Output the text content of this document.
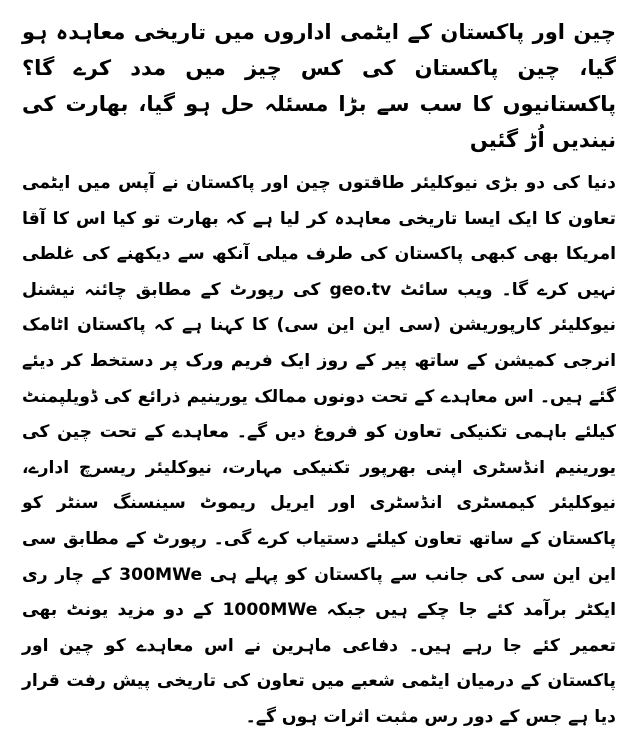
چین اور پاکستان کے ایٹمی اداروں میں تاریخی معاہدہ ہو گیا، چین پاکستان کی کس چیز میں مدد کرے گا؟ پاکستانیوں کا سب سے بڑا مسئلہ حل ہو گیا، بھارت کی نیندیں اُڑ گئیں

دنیا کی دو بڑی نیوکلیئر طاقتوں چین اور پاکستان نے آپس میں ایٹمی تعاون کا ایک ایسا تاریخی معاہدہ کر لیا ہے کہ بھارت تو کیا اس کا آقا امریکا بھی کبھی پاکستان کی طرف میلی آنکھ سے دیکھنے کی غلطی نہیں کرے گا۔ ویب سائٹ geo.tv کی رپورٹ کے مطابق چائنہ نیشنل نیوکلیئر کارپوریشن (سی این این سی) کا کہنا ہے کہ پاکستان اٹامک انرجی کمیشن کے ساتھ پیر کے روز ایک فریم ورک پر دستخط کر دیئے گئے ہیں۔ اس معاہدے کے تحت دونوں ممالک یورینیم ذرائع کی ڈویلپمنٹ کیلئے باہمی تکنیکی تعاون کو فروغ دیں گے۔ معاہدے کے تحت چین کی یورینیم انڈسٹری اپنی بھرپور تکنیکی مہارت، نیوکلیئر ریسرچ ادارے، نیوکلیئر کیمسٹری انڈسٹری اور ایریل ریموٹ سینسنگ سنٹر کو پاکستان کے ساتھ تعاون کیلئے دستیاب کرے گی۔ رپورٹ کے مطابق سی این این سی کی جانب سے پاکستان کو پہلے ہی 300MWe کے چار ری ایکٹر برآمد کئے جا چکے ہیں جبکہ 1000MWe کے دو مزید یونٹ بھی تعمیر کئے جا رہے ہیں۔ دفاعی ماہرین نے اس معاہدے کو چین اور پاکستان کے درمیان ایٹمی شعبے میں تعاون کی تاریخی پیش رفت قرار دیا ہے جس کے دور رس مثبت اثرات ہوں گے۔
